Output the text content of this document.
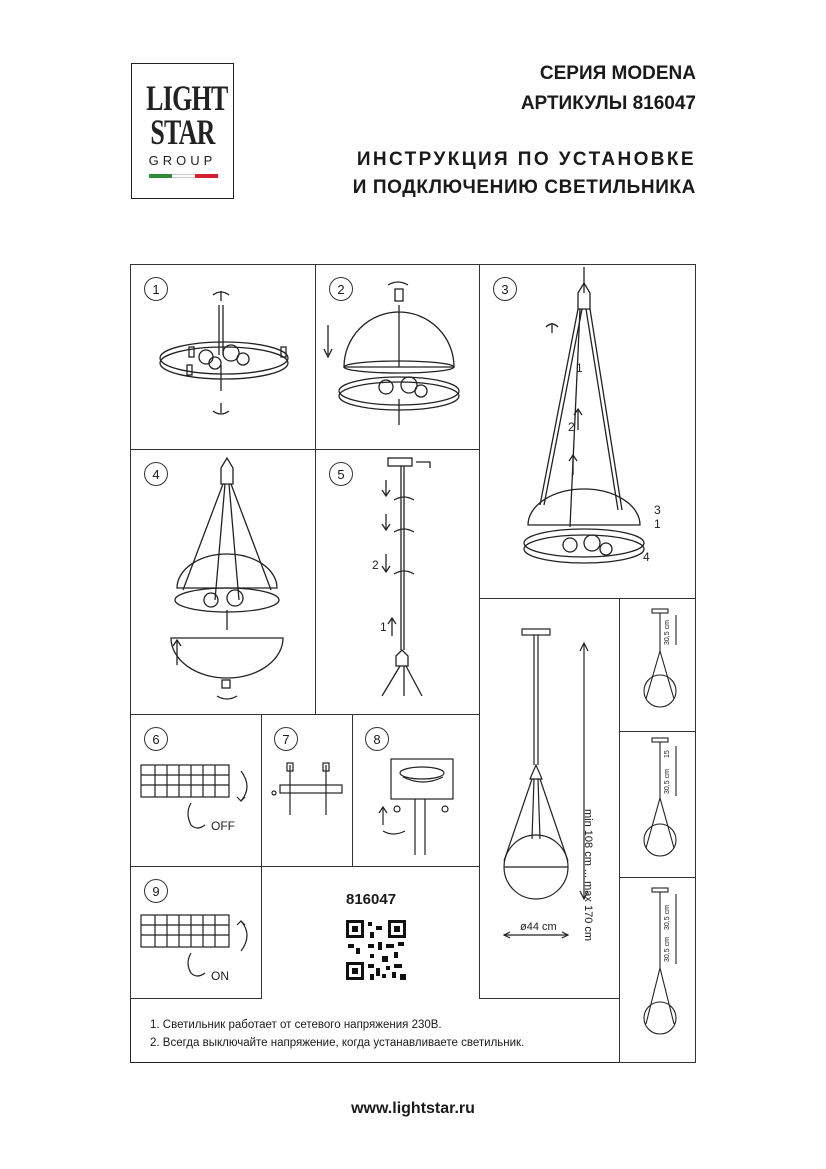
LIGHT
STAR
GROUP
СЕРИЯ MODENA
АРТИКУЛЫ 816047
ИНСТРУКЦИЯ ПО УСТАНОВКЕ
И ПОДКЛЮЧЕНИЮ СВЕТИЛЬНИКА
1	2	3
1
2
3
1
4
4	5
2
1
6
OFF
7	8
9
ON
816047	min 108 cm ... max 170 cm
ø44 cm
30,5 cm
15
30,5 cm
30,5 cm
30,5 cm
1. Светильник работает от сетевого напряжения 230В.
2. Всегда выключайте напряжение, когда устанавливаете светильник.
www.lightstar.ru
